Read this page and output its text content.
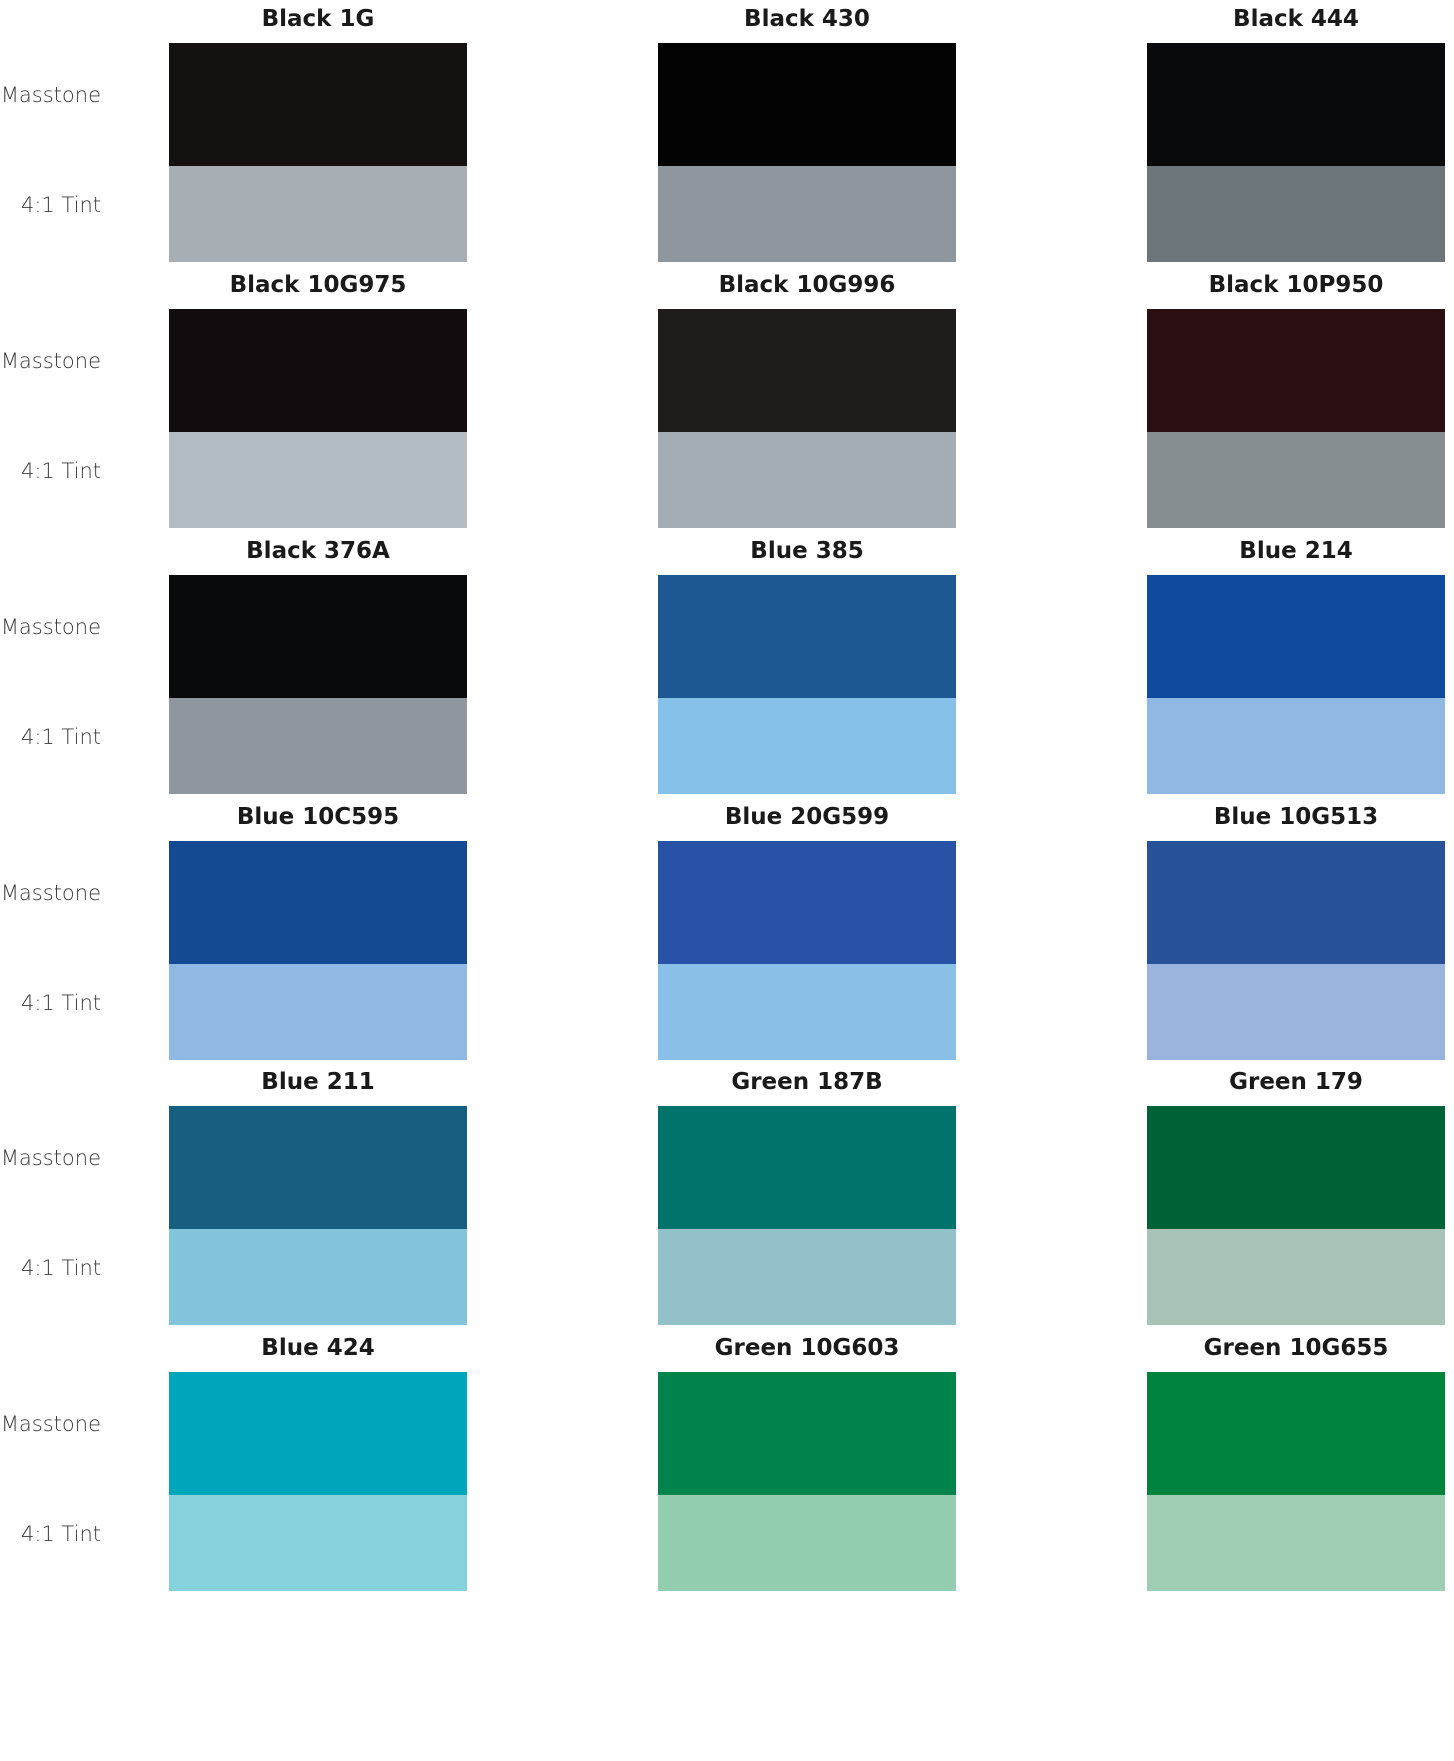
Masstone
4:1 Tint
Black 1G	Black 430	Black 444
Masstone
4:1 Tint
Black 10G975	Black 10G996	Black 10P950
Masstone
4:1 Tint
Black 376A	Blue 385	Blue 214
Masstone
4:1 Tint
Blue 10C595	Blue 20G599	Blue 10G513
Masstone
4:1 Tint
Blue 211	Green 187B	Green 179
Masstone
4:1 Tint
Blue 424	Green 10G603	Green 10G655
